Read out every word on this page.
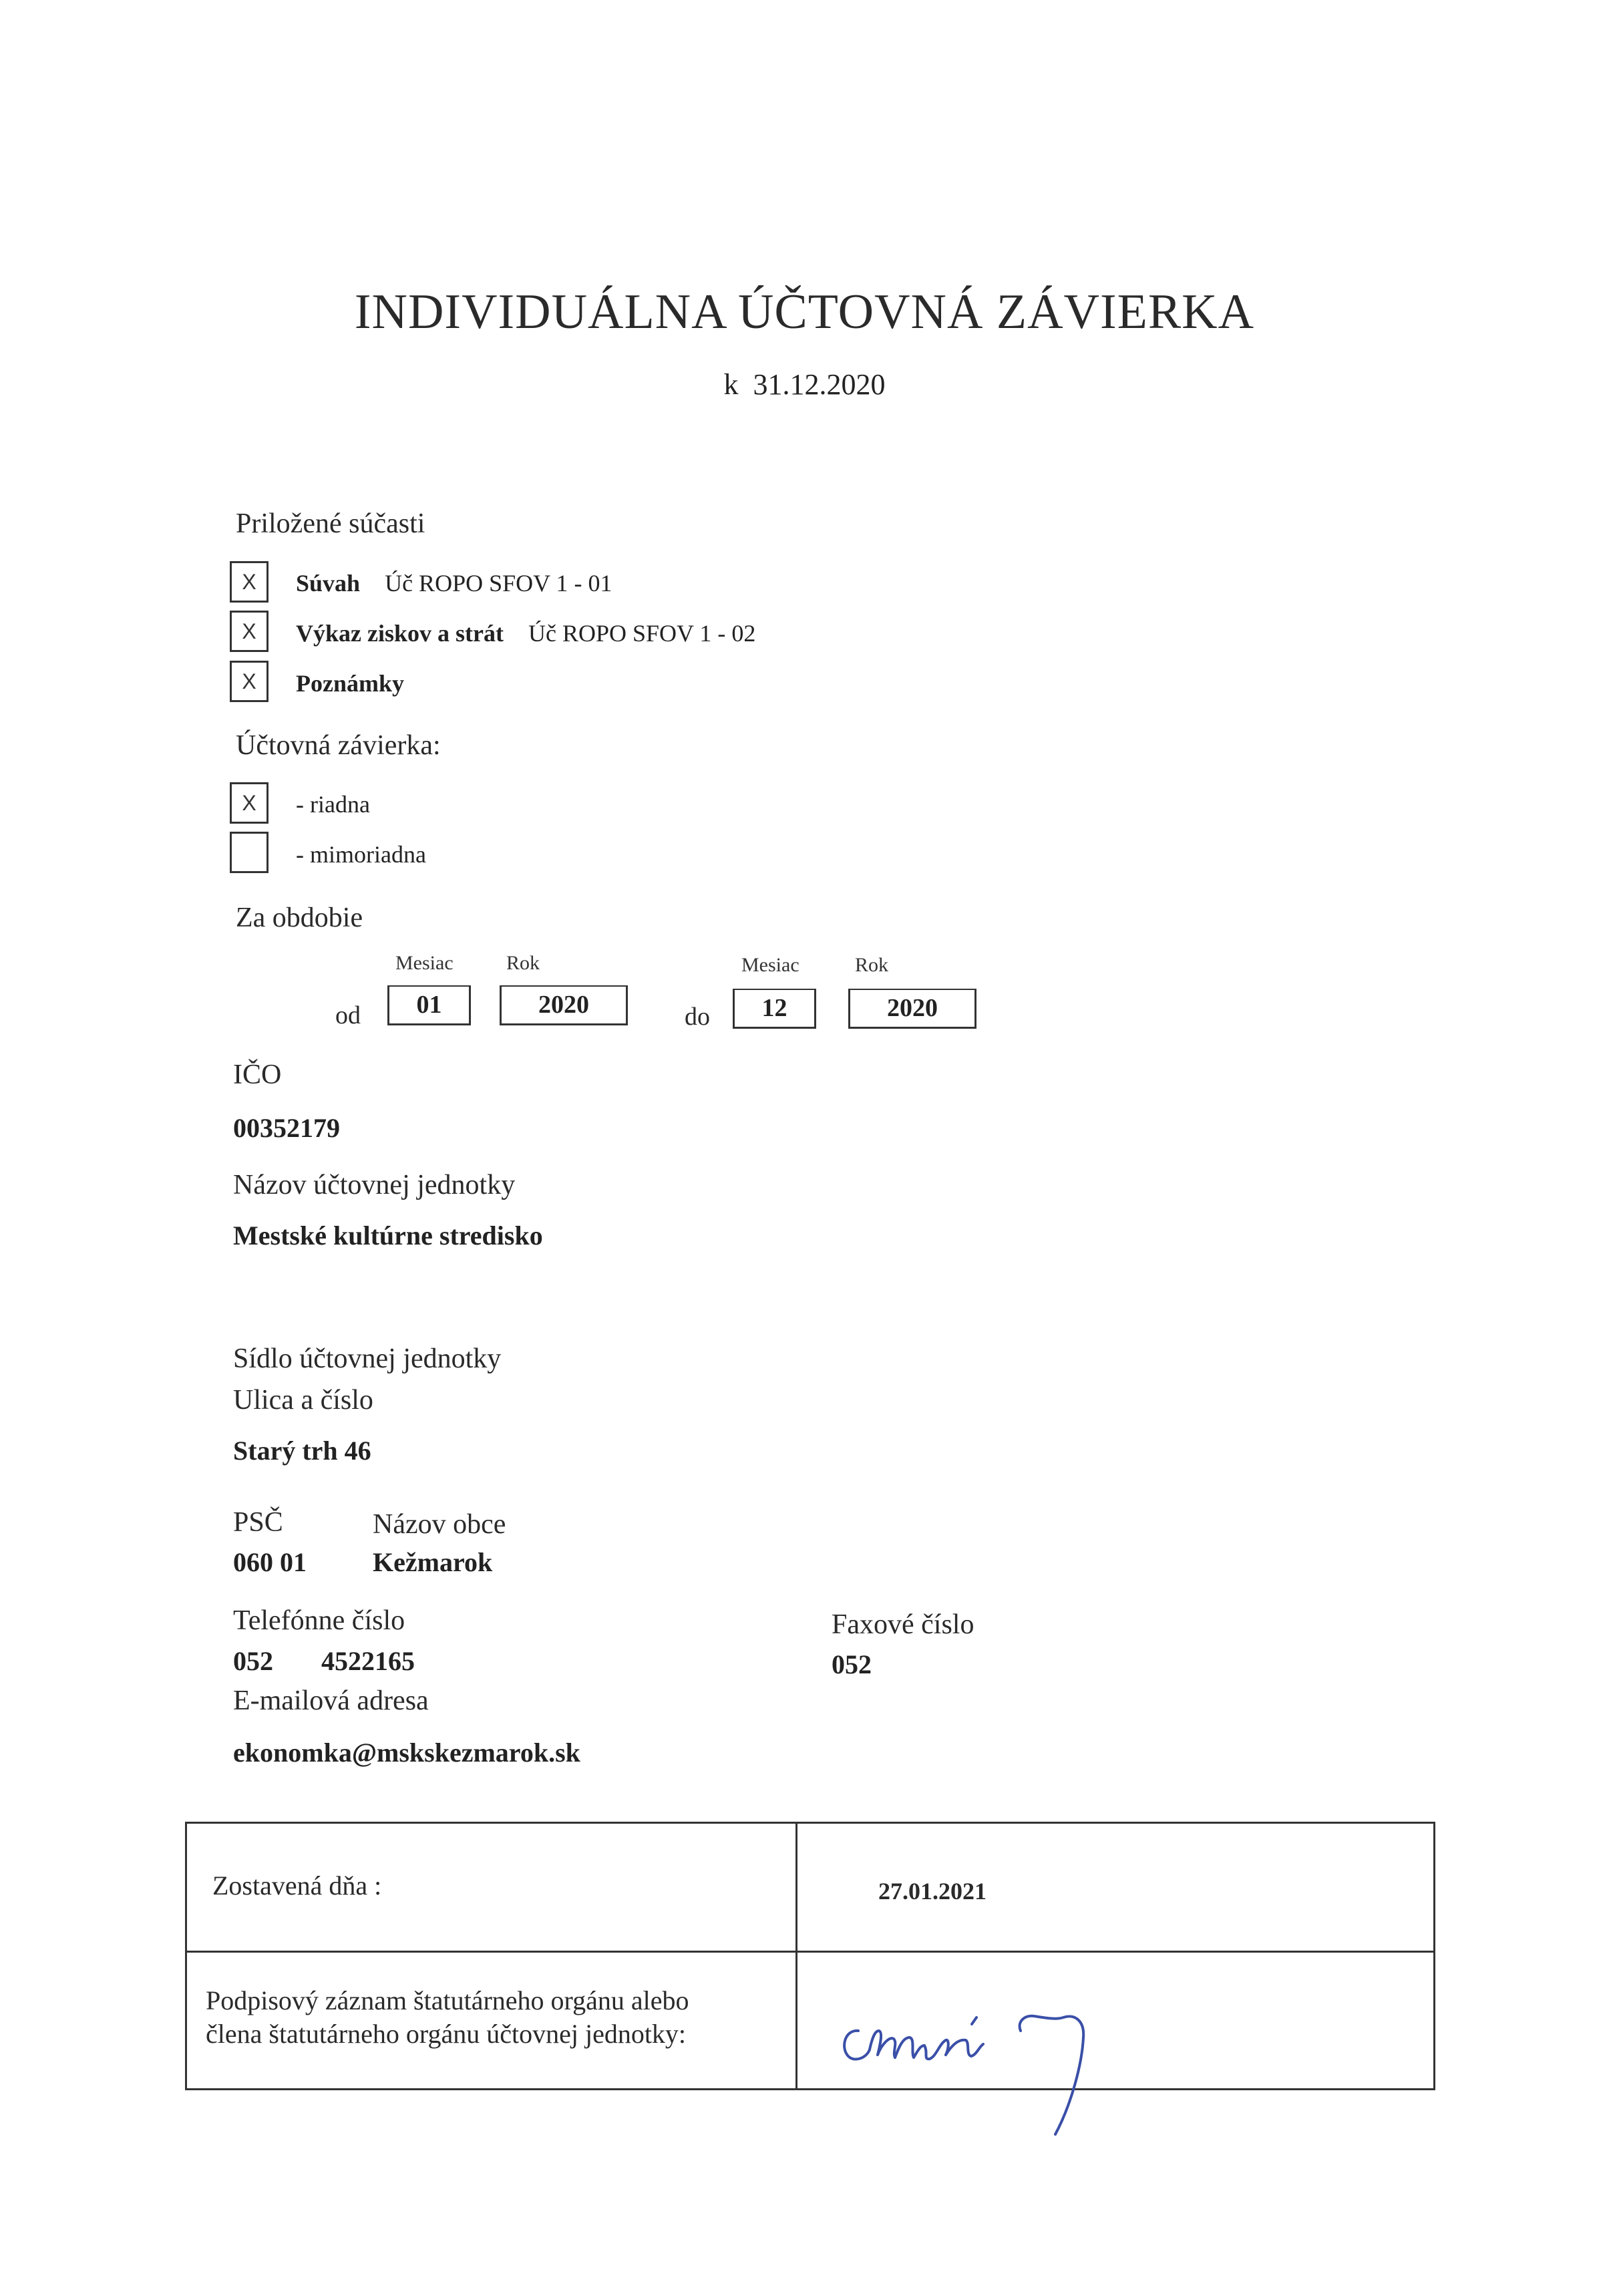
INDIVIDUÁLNA ÚČTOVNÁ ZÁVIERKA
k  31.12.2020
Priložené súčasti
X	Súvah Úč ROPO SFOV 1 - 01
X	Výkaz ziskov a strát Úč ROPO SFOV 1 - 02
X	Poznámky
Účtovná závierka:
X	- riadna
- mimoriadna
Za obdobie
Mesiac	Rok	Mesiac	Rok
od	01	2020	do	12	2020
IČO
00352179
Názov účtovnej jednotky
Mestské kultúrne stredisko
Sídlo účtovnej jednotky
Ulica a číslo
Starý trh 46
PSČ	Názov obce
060 01 Kežmarok
Telefónne číslo
052 4522165
Faxové číslo
052
E-mailová adresa
ekonomka@mskskezmarok.sk
Zostavená dňa :	27.01.2021
Podpisový záznam štatutárneho orgánu alebo
člena štatutárneho orgánu účtovnej jednotky:
